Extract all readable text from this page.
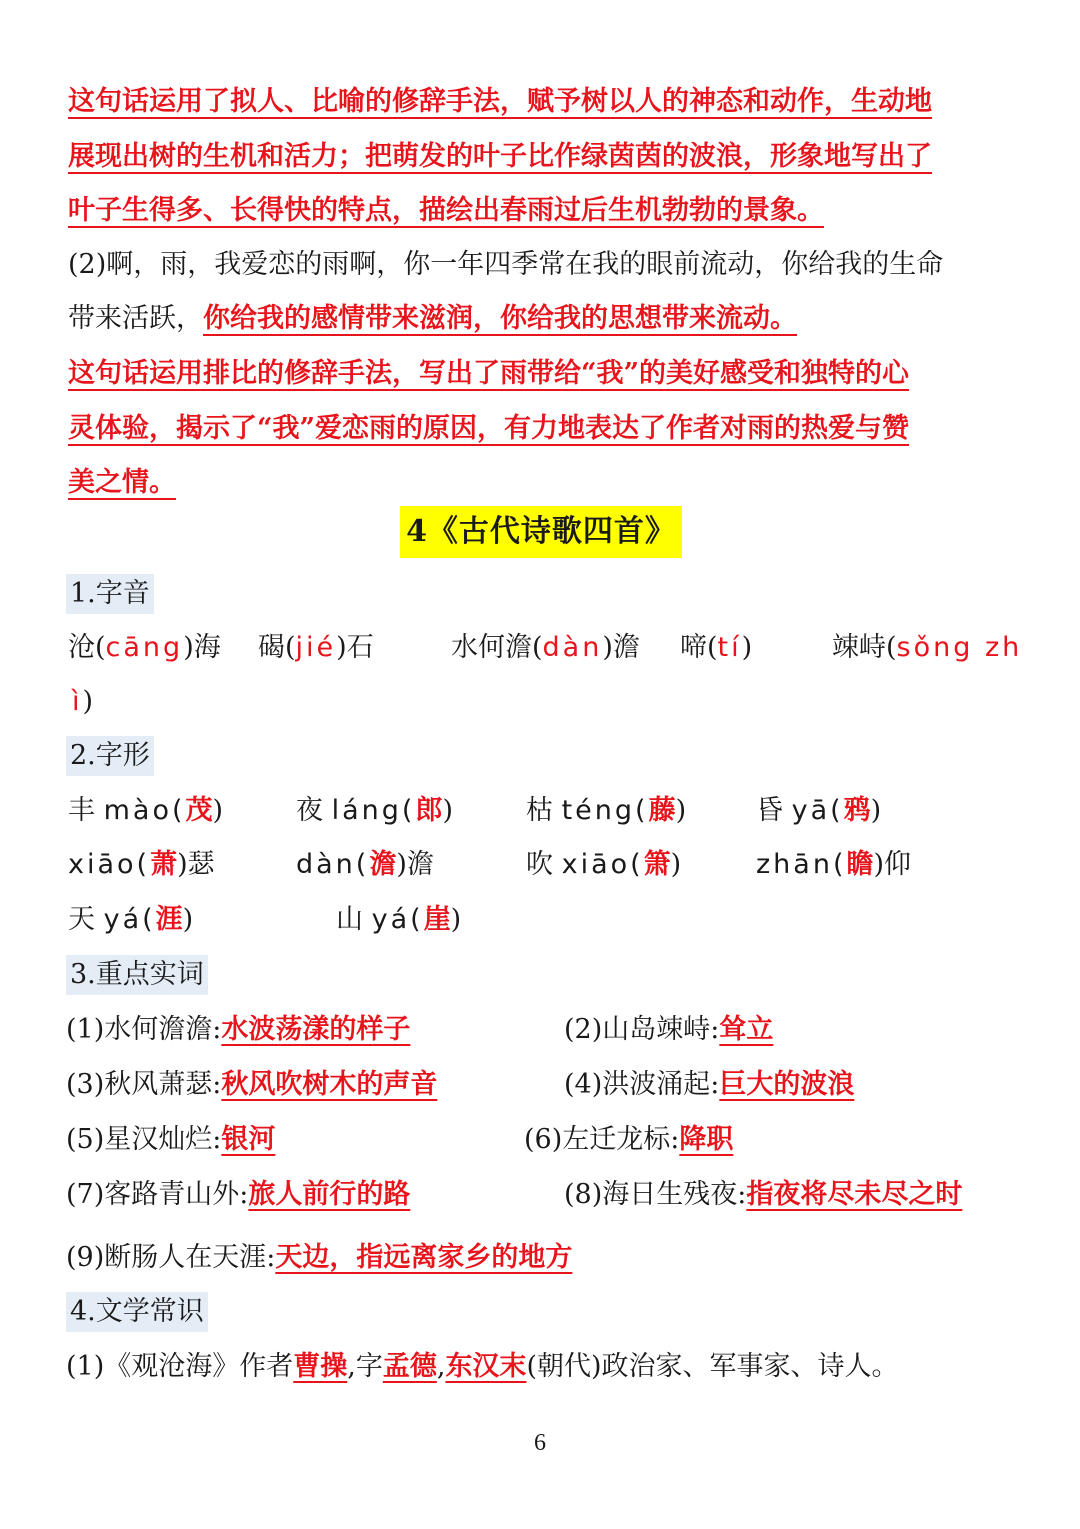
这句话运用了拟人、比喻的修辞手法，赋予树以人的神态和动作，生动地
展现出树的生机和活力；把萌发的叶子比作绿茵茵的波浪，形象地写出了
叶子生得多、长得快的特点，描绘出春雨过后生机勃勃的景象。
(2)啊，雨，我爱恋的雨啊，你一年四季常在我的眼前流动，你给我的生命
带来活跃，你给我的感情带来滋润，你给我的思想带来流动。
这句话运用排比的修辞手法，写出了雨带给“我”的美好感受和独特的心
灵体验，揭示了“我”爱恋雨的原因，有力地表达了作者对雨的热爱与赞
美之情。
4《古代诗歌四首》
1.字音
沧(cāng)海 碣(jié)石	水何澹(dàn)澹 啼(tí)	竦峙(sǒng zh
ì)
2.字形
丰 mào(茂)	夜 láng(郎)	枯 téng(藤)	昏 yā(鸦)
xiāo(萧)瑟	dàn(澹)澹	吹 xiāo(箫)	zhān(瞻)仰
天 yá(涯)	山 yá(崖)
3.重点实词
(1)水何澹澹:水波荡漾的样子	(2)山岛竦峙:耸立
(3)秋风萧瑟:秋风吹树木的声音	(4)洪波涌起:巨大的波浪
(5)星汉灿烂:银河	(6)左迁龙标:降职
(7)客路青山外:旅人前行的路	(8)海日生残夜:指夜将尽未尽之时
(9)断肠人在天涯:天边，指远离家乡的地方
4.文学常识
(1)《观沧海》作者曹操,字孟德,东汉末(朝代)政治家、军事家、诗人。
6
